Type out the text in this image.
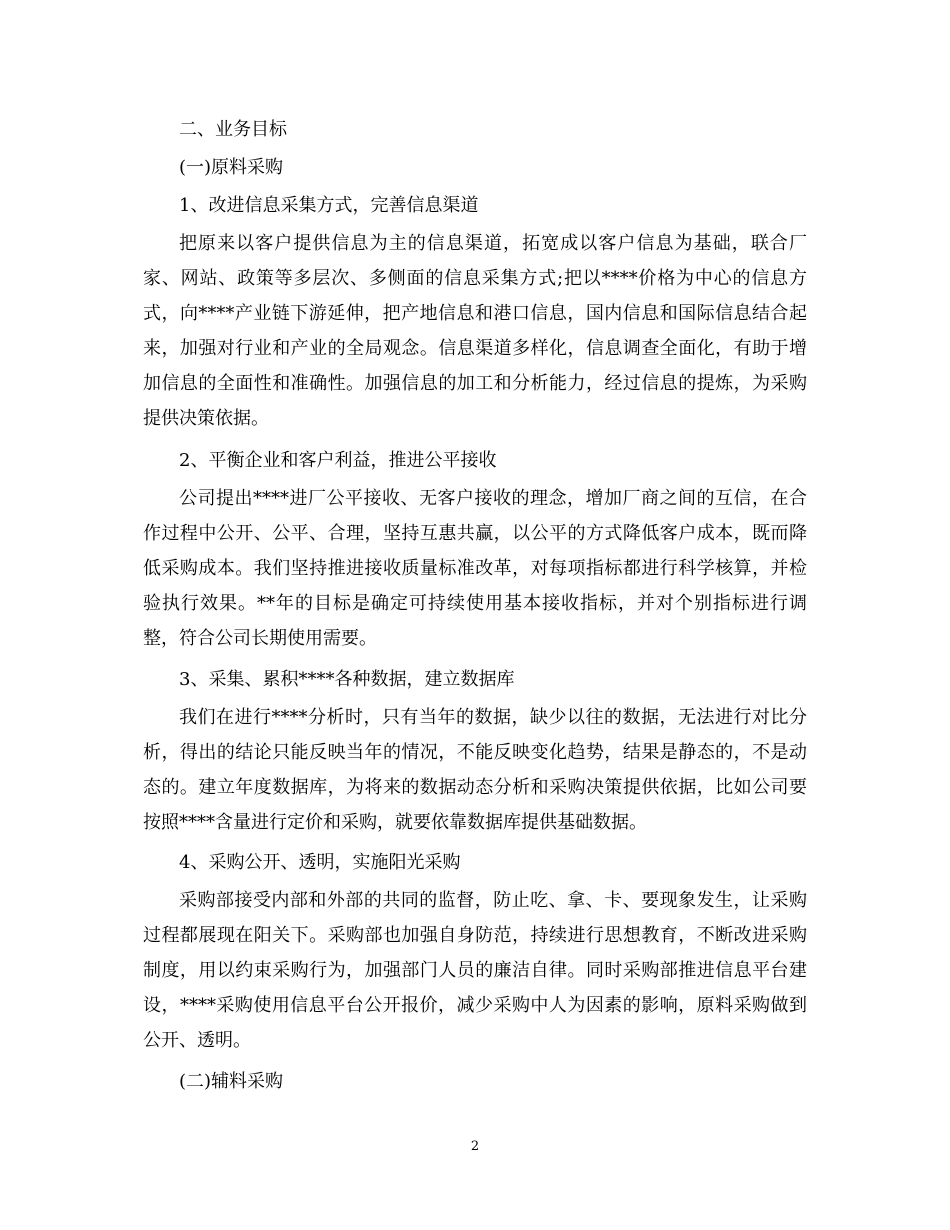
二、业务目标
(一)原料采购
1、改进信息采集方式，完善信息渠道
把原来以客户提供信息为主的信息渠道，拓宽成以客户信息为基础，联合厂家、网站、政策等多层次、多侧面的信息采集方式;把以****价格为中心的信息方式，向****产业链下游延伸，把产地信息和港口信息，国内信息和国际信息结合起来，加强对行业和产业的全局观念。信息渠道多样化，信息调查全面化，有助于增加信息的全面性和准确性。加强信息的加工和分析能力，经过信息的提炼，为采购提供决策依据。
2、平衡企业和客户利益，推进公平接收
公司提出****进厂公平接收、无客户接收的理念，增加厂商之间的互信，在合作过程中公开、公平、合理，坚持互惠共赢，以公平的方式降低客户成本，既而降低采购成本。我们坚持推进接收质量标准改革，对每项指标都进行科学核算，并检验执行效果。**年的目标是确定可持续使用基本接收指标，并对个别指标进行调整，符合公司长期使用需要。
3、采集、累积****各种数据，建立数据库
我们在进行****分析时，只有当年的数据，缺少以往的数据，无法进行对比分析，得出的结论只能反映当年的情况，不能反映变化趋势，结果是静态的，不是动态的。建立年度数据库，为将来的数据动态分析和采购决策提供依据，比如公司要按照****含量进行定价和采购，就要依靠数据库提供基础数据。
4、采购公开、透明，实施阳光采购
采购部接受内部和外部的共同的监督，防止吃、拿、卡、要现象发生，让采购过程都展现在阳关下。采购部也加强自身防范，持续进行思想教育，不断改进采购制度，用以约束采购行为，加强部门人员的廉洁自律。同时采购部推进信息平台建设，****采购使用信息平台公开报价，减少采购中人为因素的影响，原料采购做到公开、透明。
(二)辅料采购
2
